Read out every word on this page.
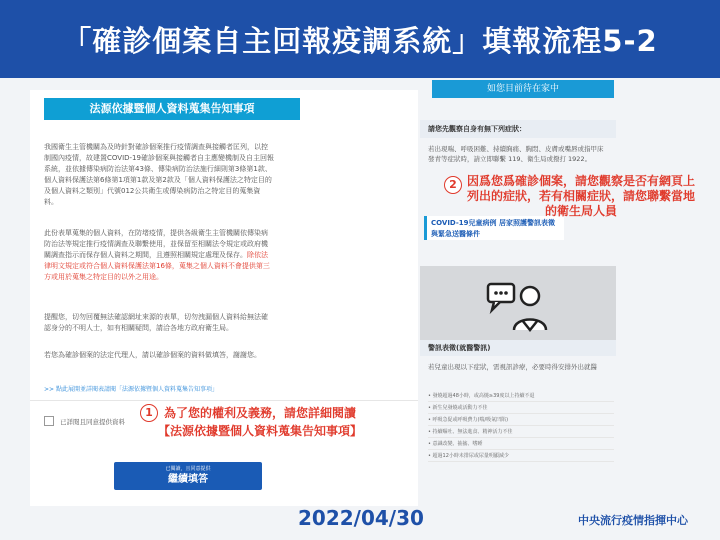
「確診個案自主回報疫調系統」填報流程5-2
法源依據暨個人資料蒐集告知事項
我國衛生主管機關為及時針對確診個案推行疫情調查與接觸者匡列，以控制國內疫情，故建置COVID-19確診個案與接觸者自主應變機制及自主回報系統，並依據傳染病防治法第43條、傳染病防治法施行細則第3條第1款、個人資料保護法第6條第1項第1款及第2款及「個人資料保護法之特定目的及個人資料之類別」代號012公共衛生或傳染病防治之特定目的蒐集資料。
此份表單蒐集的個人資料，在防堵疫情，提供各級衛生主管機關依傳染病防治法等規定推行疫情調查及聯繫使用，並保留至相關法令規定或政府機關調查指示而保存個人資料之期間，且遵照相關規定處理及保存。除依法律明文規定或符合個人資料保護法第16條，蒐集之個人資料不會提供第三方或用於蒐集之特定目的以外之用途。
提醒您，切勿回覆無法確認網址來源的表單，切勿洩漏個人資料給無法確認身分的不明人士，如有相關疑問，請洽各地方政府衛生局。
若您為確診個案的法定代理人，請以確診個案的資料做填答，謝謝您。
>> 點此展開並詳閱表請閱「法源依據暨個人資料蒐集告知事項」
已詳閱且同意提供資料
已閱讀，且同意提供
繼續填答
1 為了您的權利及義務，請您詳細閱讀
【法源依據暨個人資料蒐集告知事項】
如您目前待在家中
請您先觀察自身有無下列症狀：
若出現喘、呼吸困難、持續胸痛、胸悶、皮膚或嘴唇或指甲床發青等症狀時，請立即聯繫 119、衛生局或撥打 1922。
COVID-19兒童病例 居家照護警訊表徵與緊急送醫條件
警訊表徵(就醫警訊)
若兒童出現以下症狀，需視訊診療，必要時得安排外出就醫
• 發燒超過48小時，或高燒≥39度以上持續不退
• 新生兒發燒或活動力不佳
• 呼吸急促或呼吸費力(喘/吸氣凹陷)
• 持續嘔吐、無法進食、精神活力不佳
• 意識改變、抽搐、嗜睡
• 超過12小時未排尿或尿量明顯減少
2 因爲您爲確診個案，請您觀察是否有網頁上列出的症狀，若有相關症狀，請您聯繫當地的衛生局人員
2022/04/30	中央流行疫情指揮中心
